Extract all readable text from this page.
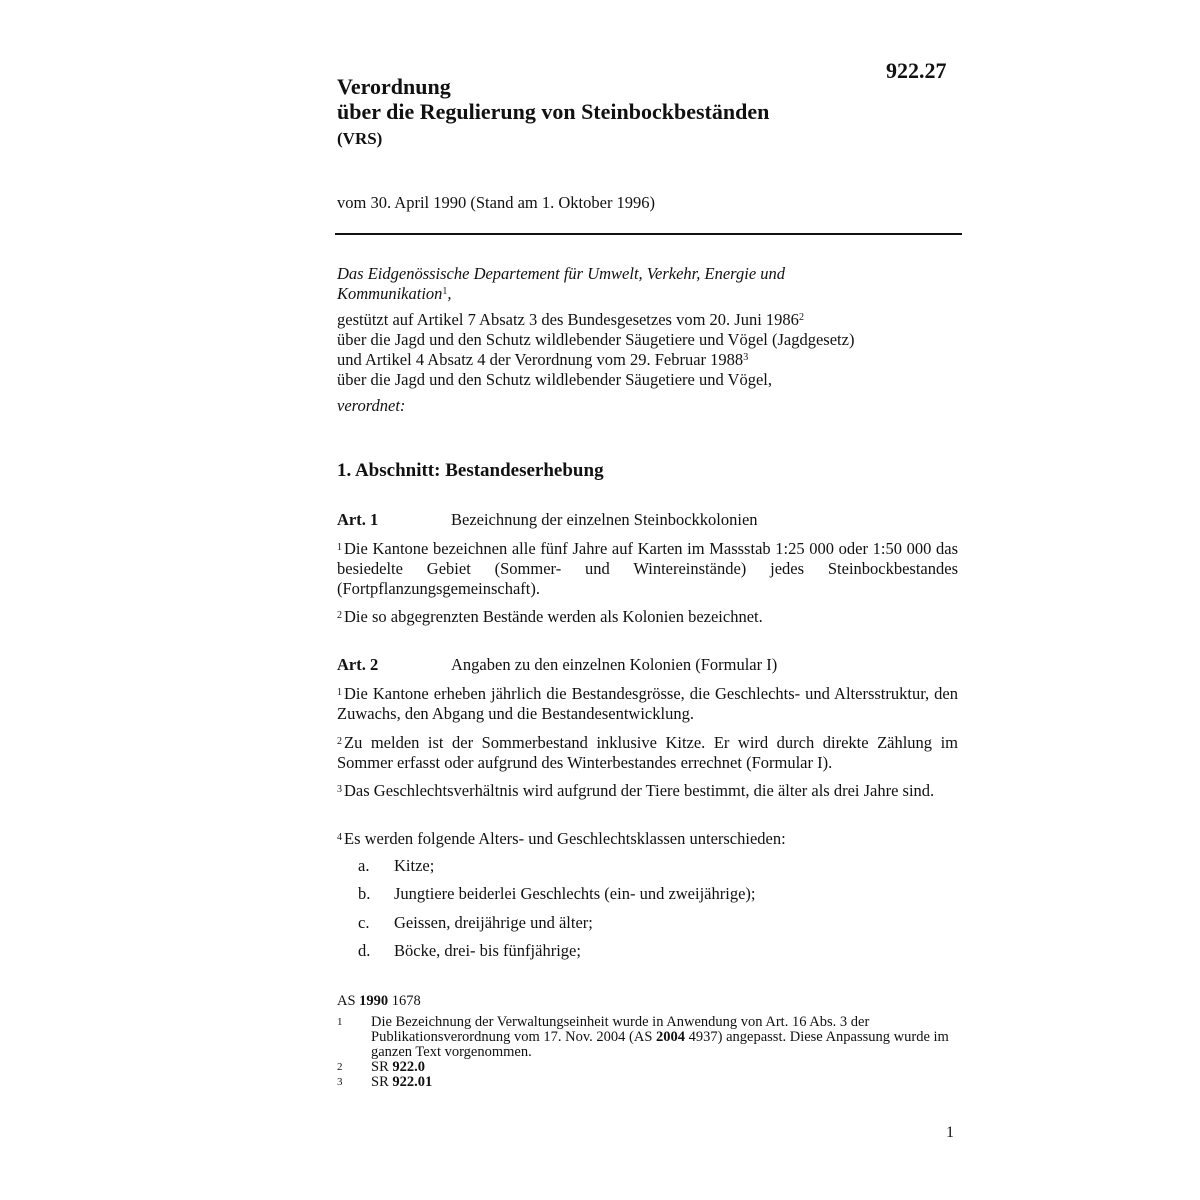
922.27
Verordnung
über die Regulierung von Steinbockbeständen
(VRS)
vom 30. April 1990 (Stand am 1. Oktober 1996)
Das Eidgenössische Departement für Umwelt, Verkehr, Energie und
Kommunikation$^1$,
gestützt auf Artikel 7 Absatz 3 des Bundesgesetzes vom 20. Juni 1986$^2$
über die Jagd und den Schutz wildlebender Säugetiere und Vögel (Jagdgesetz)
und Artikel 4 Absatz 4 der Verordnung vom 29. Februar 1988$^3$
über die Jagd und den Schutz wildlebender Säugetiere und Vögel,
verordnet:
1. Abschnitt: Bestandeserhebung
Art. 1	Bezeichnung der einzelnen Steinbockkolonien
$^1$ Die Kantone bezeichnen alle fünf Jahre auf Karten im Massstab 1:25 000 oder 1:50 000 das besiedelte Gebiet (Sommer- und Wintereinstände) jedes Steinbockbestandes (Fortpflanzungsgemeinschaft).
$^2$ Die so abgegrenzten Bestände werden als Kolonien bezeichnet.
Art. 2	Angaben zu den einzelnen Kolonien (Formular I)
$^1$ Die Kantone erheben jährlich die Bestandesgrösse, die Geschlechts- und Altersstruktur, den Zuwachs, den Abgang und die Bestandesentwicklung.
$^2$ Zu melden ist der Sommerbestand inklusive Kitze. Er wird durch direkte Zählung im Sommer erfasst oder aufgrund des Winterbestandes errechnet (Formular I).
$^3$ Das Geschlechtsverhältnis wird aufgrund der Tiere bestimmt, die älter als drei Jahre sind.
$^4$ Es werden folgende Alters- und Geschlechtsklassen unterschieden:
a. Kitze;
b. Jungtiere beiderlei Geschlechts (ein- und zweijährige);
c. Geissen, dreijährige und älter;
d. Böcke, drei- bis fünfjährige;
AS 1990 1678
1	Die Bezeichnung der Verwaltungseinheit wurde in Anwendung von Art. 16 Abs. 3 der Publikationsverordnung vom 17. Nov. 2004 (AS 2004 4937) angepasst. Diese Anpassung wurde im ganzen Text vorgenommen.
2	SR 922.0
3	SR 922.01
1
